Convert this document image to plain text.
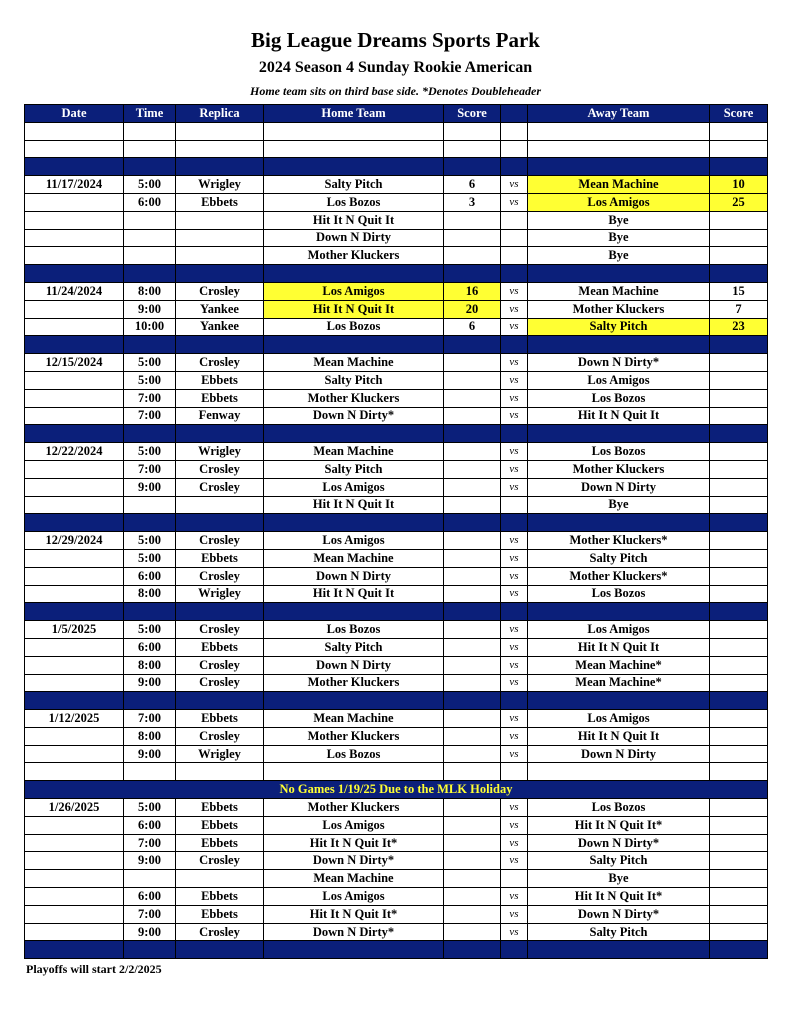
Big League Dreams Sports Park
2024 Season 4 Sunday Rookie American
Home team sits on third base side. *Denotes Doubleheader
Date	Time	Replica	Home Team	Score		Away Team	Score

11/17/2024	5:00	Wrigley	Salty Pitch	6	vs	Mean Machine	10
	6:00	Ebbets	Los Bozos	3	vs	Los Amigos	25
			Hit It N Quit It			Bye	
			Down N Dirty			Bye	
			Mother Kluckers			Bye	

11/24/2024	8:00	Crosley	Los Amigos	16	vs	Mean Machine	15
	9:00	Yankee	Hit It N Quit It	20	vs	Mother Kluckers	7
	10:00	Yankee	Los Bozos	6	vs	Salty Pitch	23

12/15/2024	5:00	Crosley	Mean Machine		vs	Down N Dirty*	
	5:00	Ebbets	Salty Pitch		vs	Los Amigos	
	7:00	Ebbets	Mother Kluckers		vs	Los Bozos	
	7:00	Fenway	Down N Dirty*		vs	Hit It N Quit It	

12/22/2024	5:00	Wrigley	Mean Machine		vs	Los Bozos	
	7:00	Crosley	Salty Pitch		vs	Mother Kluckers	
	9:00	Crosley	Los Amigos		vs	Down N Dirty	
			Hit It N Quit It			Bye	

12/29/2024	5:00	Crosley	Los Amigos		vs	Mother Kluckers*	
	5:00	Ebbets	Mean Machine		vs	Salty Pitch	
	6:00	Crosley	Down N Dirty		vs	Mother Kluckers*	
	8:00	Wrigley	Hit It N Quit It		vs	Los Bozos	

1/5/2025	5:00	Crosley	Los Bozos		vs	Los Amigos	
	6:00	Ebbets	Salty Pitch		vs	Hit It N Quit It	
	8:00	Crosley	Down N Dirty		vs	Mean Machine*	
	9:00	Crosley	Mother Kluckers		vs	Mean Machine*	

1/12/2025	7:00	Ebbets	Mean Machine		vs	Los Amigos	
	8:00	Crosley	Mother Kluckers		vs	Hit It N Quit It	
	9:00	Wrigley	Los Bozos		vs	Down N Dirty	

No Games 1/19/25 Due to the MLK Holiday							
1/26/2025	5:00	Ebbets	Mother Kluckers		vs	Los Bozos	
	6:00	Ebbets	Los Amigos		vs	Hit It N Quit It*	
	7:00	Ebbets	Hit It N Quit It*		vs	Down N Dirty*	
	9:00	Crosley	Down N Dirty*		vs	Salty Pitch	
			Mean Machine			Bye	
	6:00	Ebbets	Los Amigos		vs	Hit It N Quit It*	
	7:00	Ebbets	Hit It N Quit It*		vs	Down N Dirty*	
	9:00	Crosley	Down N Dirty*		vs	Salty Pitch	

Playoffs will start 2/2/2025
